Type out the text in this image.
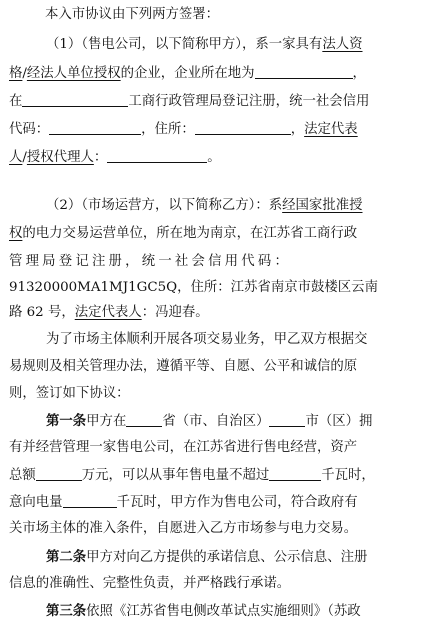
本入市协议由下列两方签署：
（1）（售电公司，以下简称甲方），系一家具有法人资
格/经法人单位授权的企业，企业所在地为	，
在	工商行政管理局登记注册，统一社会信用
代码：	，住所：	，法定代表
人/授权代理人：	。
（2）（市场运营方，以下简称乙方）：系经国家批准授
权的电力交易运营单位，所在地为南京，在江苏省工商行政
管理局登记注册，统一社会信用代码：
91320000MA1MJ1GC5Q，住所：江苏省南京市鼓楼区云南
路 62 号，法定代表人：冯迎春。
为了市场主体顺利开展各项交易业务，甲乙双方根据交
易规则及相关管理办法，遵循平等、自愿、公平和诚信的原
则，签订如下协议：
第一条甲方在	省（市、自治区）	市（区）拥
有并经营管理一家售电公司，在江苏省进行售电经营，资产
总额	万元，可以从事年售电量不超过	千瓦时，
意向电量	千瓦时，甲方作为售电公司，符合政府有
关市场主体的准入条件，自愿进入乙方市场参与电力交易。
第二条甲方对向乙方提供的承诺信息、公示信息、注册
信息的准确性、完整性负责，并严格践行承诺。
第三条依照《江苏省售电侧改革试点实施细则》（苏政
